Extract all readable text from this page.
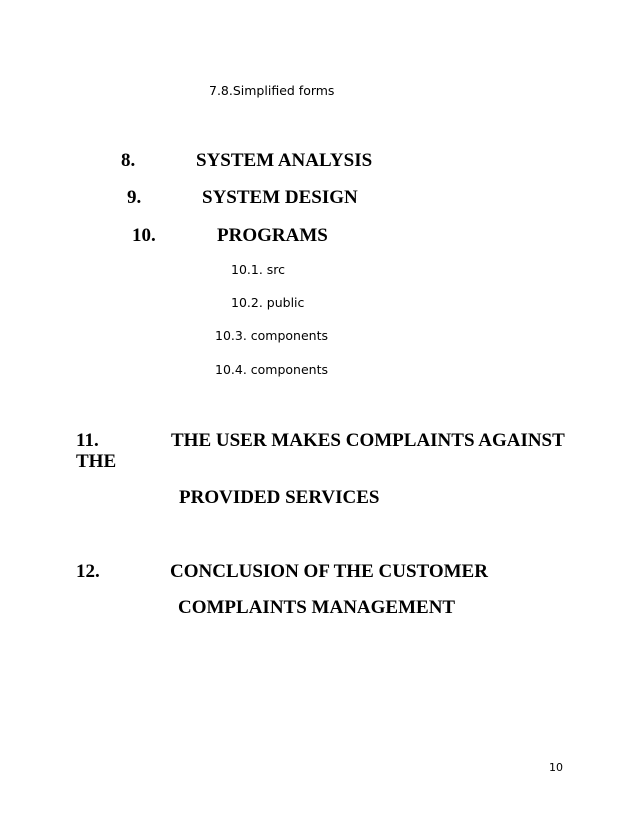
7.8.Simplified forms
8.	SYSTEM ANALYSIS
9.	SYSTEM DESIGN
10.	PROGRAMS
10.1. src
10.2. public
10.3. components
10.4. components
11.	THE USER MAKES COMPLAINTS AGAINST
THE
PROVIDED SERVICES
12.	CONCLUSION OF THE CUSTOMER
COMPLAINTS MANAGEMENT
10
